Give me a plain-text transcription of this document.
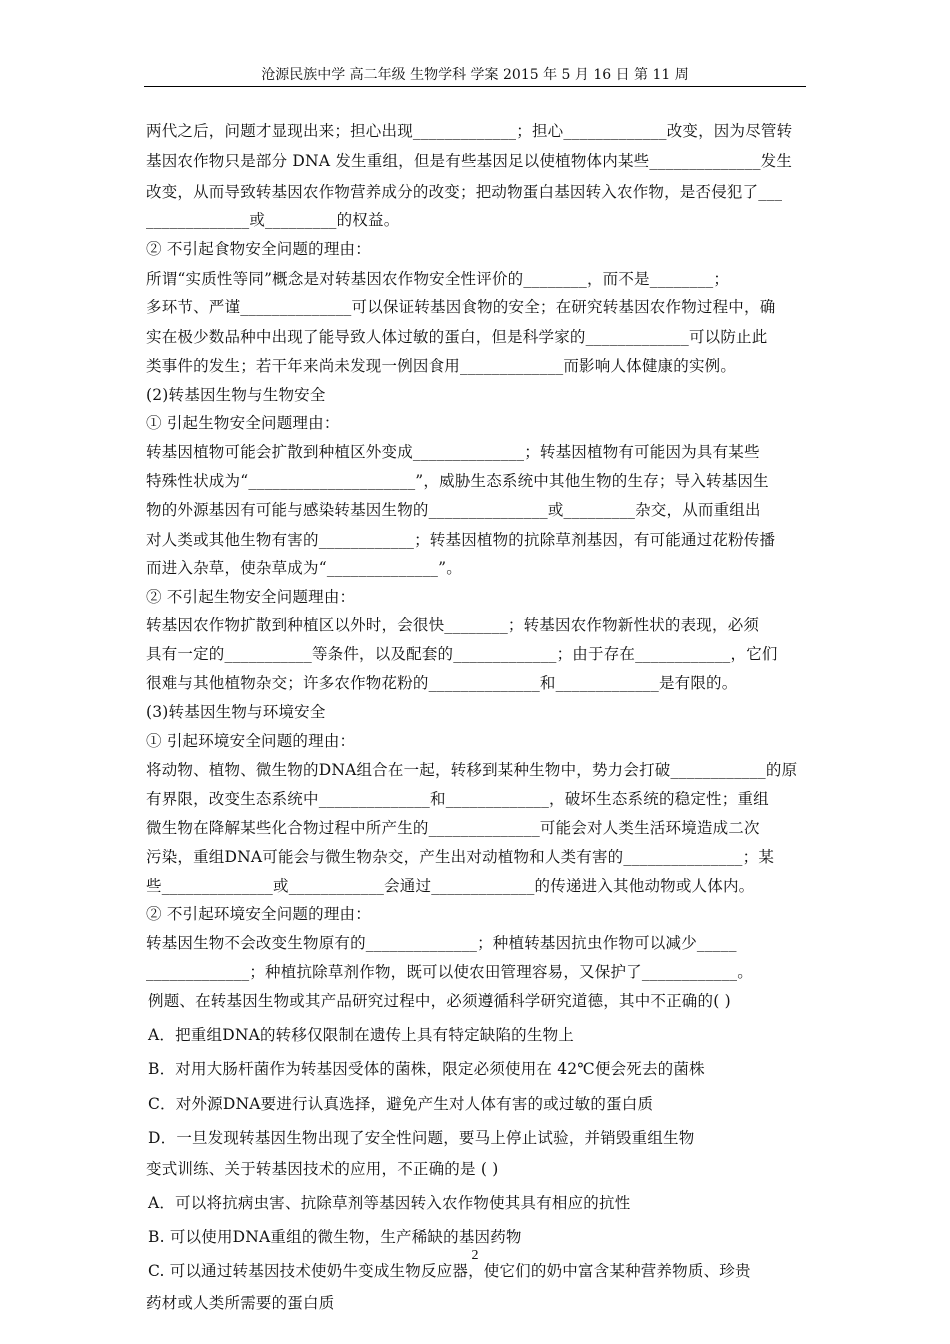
沧源民族中学 高二年级 生物学科 学案 2015 年 5 月 16 日 第 11 周
两代之后，问题才显现出来；担心出现_____________；担心_____________改变，因为尽管转
基因农作物只是部分 DNA 发生重组，但是有些基因足以使植物体内某些______________发生
改变，从而导致转基因农作物营养成分的改变；把动物蛋白基因转入农作物，是否侵犯了___
_____________或_________的权益。
② 不引起食物安全问题的理由：
所谓“实质性等同”概念是对转基因农作物安全性评价的________，而不是________；
多环节、严谨______________可以保证转基因食物的安全；在研究转基因农作物过程中，确
实在极少数品种中出现了能导致人体过敏的蛋白，但是科学家的_____________可以防止此
类事件的发生；若干年来尚未发现一例因食用_____________而影响人体健康的实例。
(2)转基因生物与生物安全
① 引起生物安全问题理由：
转基因植物可能会扩散到种植区外变成______________；转基因植物有可能因为具有某些
特殊性状成为“_____________________”，威胁生态系统中其他生物的生存；导入转基因生
物的外源基因有可能与感染转基因生物的_______________或_________杂交，从而重组出
对人类或其他生物有害的____________；转基因植物的抗除草剂基因，有可能通过花粉传播
而进入杂草，使杂草成为“______________”。
② 不引起生物安全问题理由：
转基因农作物扩散到种植区以外时，会很快________；转基因农作物新性状的表现，必须
具有一定的___________等条件，以及配套的_____________；由于存在____________，它们
很难与其他植物杂交；许多农作物花粉的______________和_____________是有限的。
(3)转基因生物与环境安全
① 引起环境安全问题的理由：
将动物、植物、微生物的DNA组合在一起，转移到某种生物中，势力会打破____________的原
有界限，改变生态系统中______________和_____________，破坏生态系统的稳定性；重组
微生物在降解某些化合物过程中所产生的______________可能会对人类生活环境造成二次
污染，重组DNA可能会与微生物杂交，产生出对动植物和人类有害的_______________；某
些______________或____________会通过_____________的传递进入其他动物或人体内。
② 不引起环境安全问题的理由：
转基因生物不会改变生物原有的______________；种植转基因抗虫作物可以减少_____
_____________；种植抗除草剂作物，既可以使农田管理容易，又保护了____________。
例题、在转基因生物或其产品研究过程中，必须遵循科学研究道德，其中不正确的( )
A．把重组DNA的转移仅限制在遗传上具有特定缺陷的生物上
B．对用大肠杆菌作为转基因受体的菌株，限定必须使用在 42℃便会死去的菌株
C．对外源DNA要进行认真选择，避免产生对人体有害的或过敏的蛋白质
D．一旦发现转基因生物出现了安全性问题，要马上停止试验，并销毁重组生物
变式训练、关于转基因技术的应用，不正确的是 ( )
A．可以将抗病虫害、抗除草剂等基因转入农作物使其具有相应的抗性
B. 可以使用DNA重组的微生物，生产稀缺的基因药物
C. 可以通过转基因技术使奶牛变成生物反应器，使它们的奶中富含某种营养物质、珍贵
药材或人类所需要的蛋白质
2
